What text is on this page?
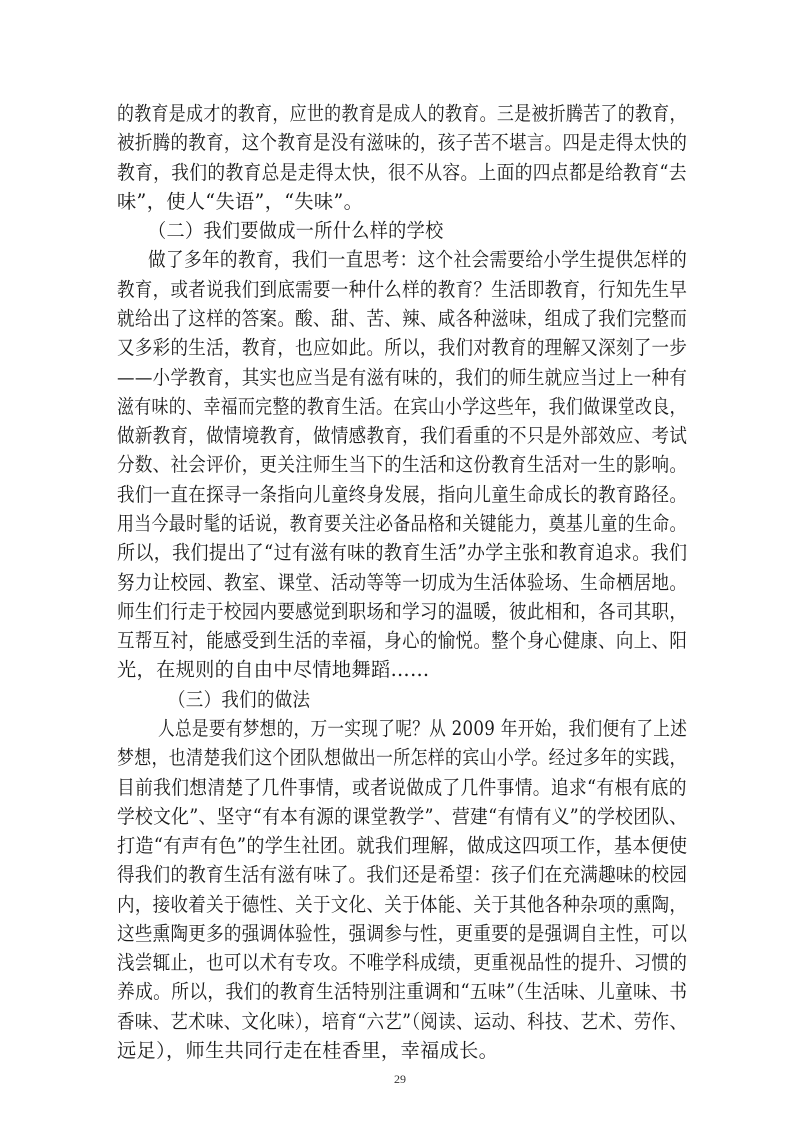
的教育是成才的教育，应世的教育是成人的教育。三是被折腾苦了的教育，
被折腾的教育，这个教育是没有滋味的，孩子苦不堪言。四是走得太快的
教育，我们的教育总是走得太快，很不从容。上面的四点都是给教育“去
味”，使人“失语”，“失味”。
（二）我们要做成一所什么样的学校
做了多年的教育，我们一直思考：这个社会需要给小学生提供怎样的
教育，或者说我们到底需要一种什么样的教育？生活即教育，行知先生早
就给出了这样的答案。酸、甜、苦、辣、咸各种滋味，组成了我们完整而
又多彩的生活，教育，也应如此。所以，我们对教育的理解又深刻了一步
——小学教育，其实也应当是有滋有味的，我们的师生就应当过上一种有
滋有味的、幸福而完整的教育生活。在宾山小学这些年，我们做课堂改良，
做新教育，做情境教育，做情感教育，我们看重的不只是外部效应、考试
分数、社会评价，更关注师生当下的生活和这份教育生活对一生的影响。
我们一直在探寻一条指向儿童终身发展，指向儿童生命成长的教育路径。
用当今最时髦的话说，教育要关注必备品格和关键能力，奠基儿童的生命。
所以，我们提出了“过有滋有味的教育生活”办学主张和教育追求。我们
努力让校园、教室、课堂、活动等等一切成为生活体验场、生命栖居地。
师生们行走于校园内要感觉到职场和学习的温暖，彼此相和，各司其职，
互帮互衬，能感受到生活的幸福，身心的愉悦。整个身心健康、向上、阳
光，在规则的自由中尽情地舞蹈……
（三）我们的做法
人总是要有梦想的，万一实现了呢？从 2009 年开始，我们便有了上述
梦想，也清楚我们这个团队想做出一所怎样的宾山小学。经过多年的实践，
目前我们想清楚了几件事情，或者说做成了几件事情。追求“有根有底的
学校文化”、坚守“有本有源的课堂教学”、营建“有情有义”的学校团队、
打造“有声有色”的学生社团。就我们理解，做成这四项工作，基本便使
得我们的教育生活有滋有味了。我们还是希望：孩子们在充满趣味的校园
内，接收着关于德性、关于文化、关于体能、关于其他各种杂项的熏陶，
这些熏陶更多的强调体验性，强调参与性，更重要的是强调自主性，可以
浅尝辄止，也可以术有专攻。不唯学科成绩，更重视品性的提升、习惯的
养成。所以，我们的教育生活特别注重调和“五味”（生活味、儿童味、书
香味、艺术味、文化味），培育“六艺”（阅读、运动、科技、艺术、劳作、
远足），师生共同行走在桂香里，幸福成长。
29
